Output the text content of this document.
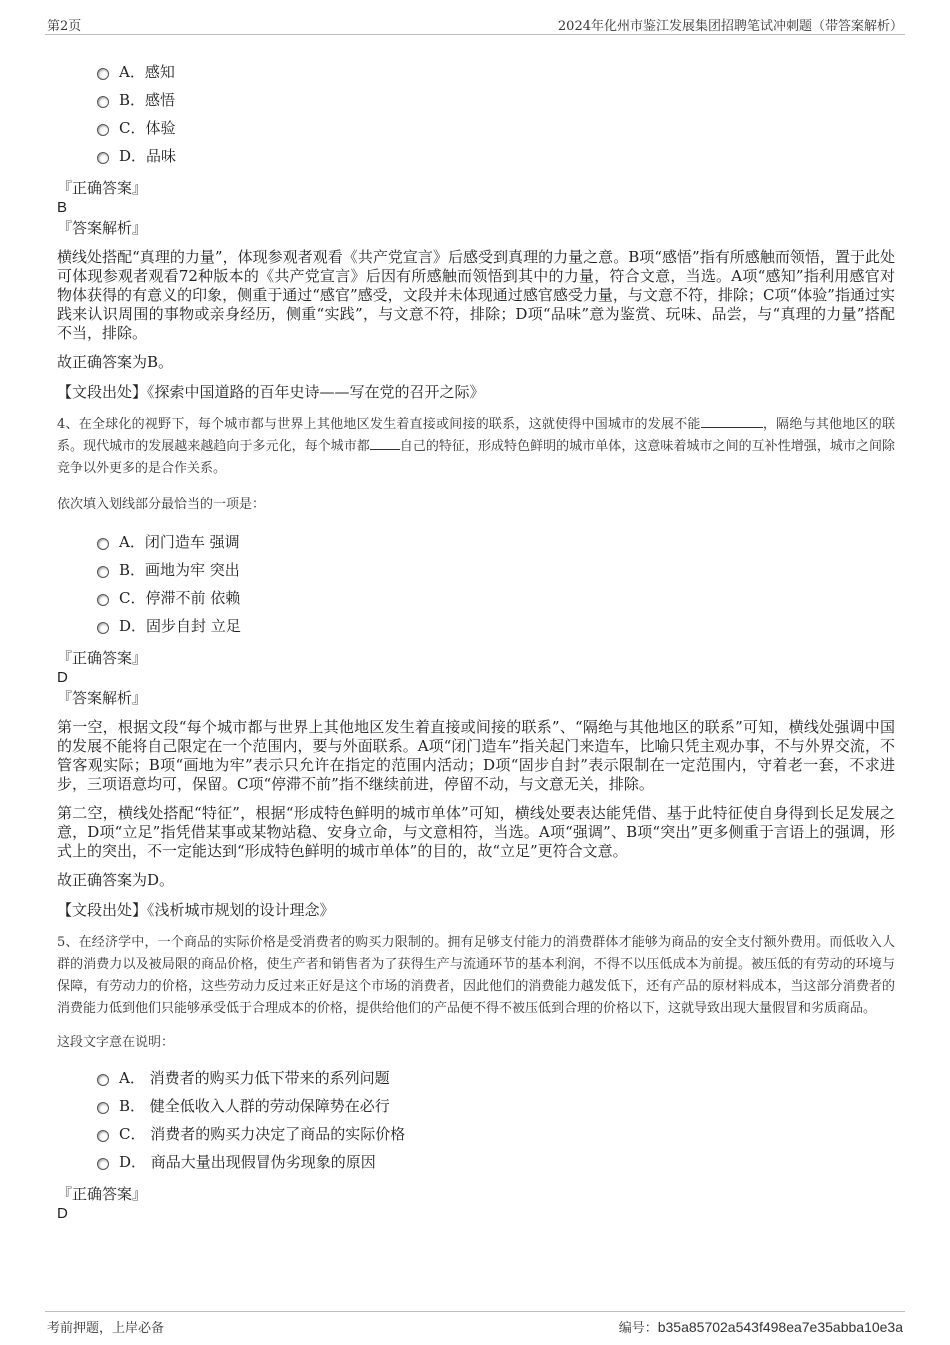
第2页	2024年化州市鉴江发展集团招聘笔试冲刺题（带答案解析）
A．感知
B．感悟
C．体验
D．品味
『正确答案』
B
『答案解析』

横线处搭配“真理的力量”，体现参观者观看《共产党宣言》后感受到真理的力量之意。B项“感悟”指有所感触而领悟，置于此处可体现参观者观看72种版本的《共产党宣言》后因有所感触而领悟到其中的力量，符合文意，当选。A项“感知”指利用感官对物体获得的有意义的印象，侧重于通过“感官”感受，文段并未体现通过感官感受力量，与文意不符，排除；C项“体验”指通过实践来认识周围的事物或亲身经历，侧重“实践”，与文意不符，排除；D项“品味”意为鉴赏、玩味、品尝，与“真理的力量”搭配不当，排除。

故正确答案为B。

【文段出处】《探索中国道路的百年史诗——写在党的召开之际》

4、在全球化的视野下，每个城市都与世界上其他地区发生着直接或间接的联系，这就使得中国城市的发展不能	，隔绝与其他地区的联系。现代城市的发展越来越趋向于多元化，每个城市都 自己的特征，形成特色鲜明的城市单体，这意味着城市之间的互补性增强，城市之间除竞争以外更多的是合作关系。

依次填入划线部分最恰当的一项是：

A．闭门造车 强调
B．画地为牢 突出
C．停滞不前 依赖
D．固步自封 立足
『正确答案』
D
『答案解析』

第一空，根据文段“每个城市都与世界上其他地区发生着直接或间接的联系”、“隔绝与其他地区的联系”可知，横线处强调中国的发展不能将自己限定在一个范围内，要与外面联系。A项“闭门造车”指关起门来造车，比喻只凭主观办事，不与外界交流，不管客观实际；B项“画地为牢”表示只允许在指定的范围内活动；D项“固步自封”表示限制在一定范围内，守着老一套，不求进步，三项语意均可，保留。C项“停滞不前”指不继续前进，停留不动，与文意无关，排除。

第二空，横线处搭配“特征”，根据“形成特色鲜明的城市单体”可知，横线处要表达能凭借、基于此特征使自身得到长足发展之意，D项“立足”指凭借某事或某物站稳、安身立命，与文意相符，当选。A项“强调”、B项“突出”更多侧重于言语上的强调，形式上的突出，不一定能达到“形成特色鲜明的城市单体”的目的，故“立足”更符合文意。

故正确答案为D。

【文段出处】《浅析城市规划的设计理念》

5、在经济学中，一个商品的实际价格是受消费者的购买力限制的。拥有足够支付能力的消费群体才能够为商品的安全支付额外费用。而低收入人群的消费力以及被局限的商品价格，使生产者和销售者为了获得生产与流通环节的基本利润，不得不以压低成本为前提。被压低的有劳动的环境与保障，有劳动力的价格，这些劳动力反过来正好是这个市场的消费者，因此他们的消费能力越发低下，还有产品的原材料成本，当这部分消费者的消费能力低到他们只能够承受低于合理成本的价格，提供给他们的产品便不得不被压低到合理的价格以下，这就导致出现大量假冒和劣质商品。

这段文字意在说明：

A． 消费者的购买力低下带来的系列问题
B． 健全低收入人群的劳动保障势在必行
C． 消费者的购买力决定了商品的实际价格
D． 商品大量出现假冒伪劣现象的原因
『正确答案』
D
考前押题，上岸必备	编号：b35a85702a543f498ea7e35abba10e3a
